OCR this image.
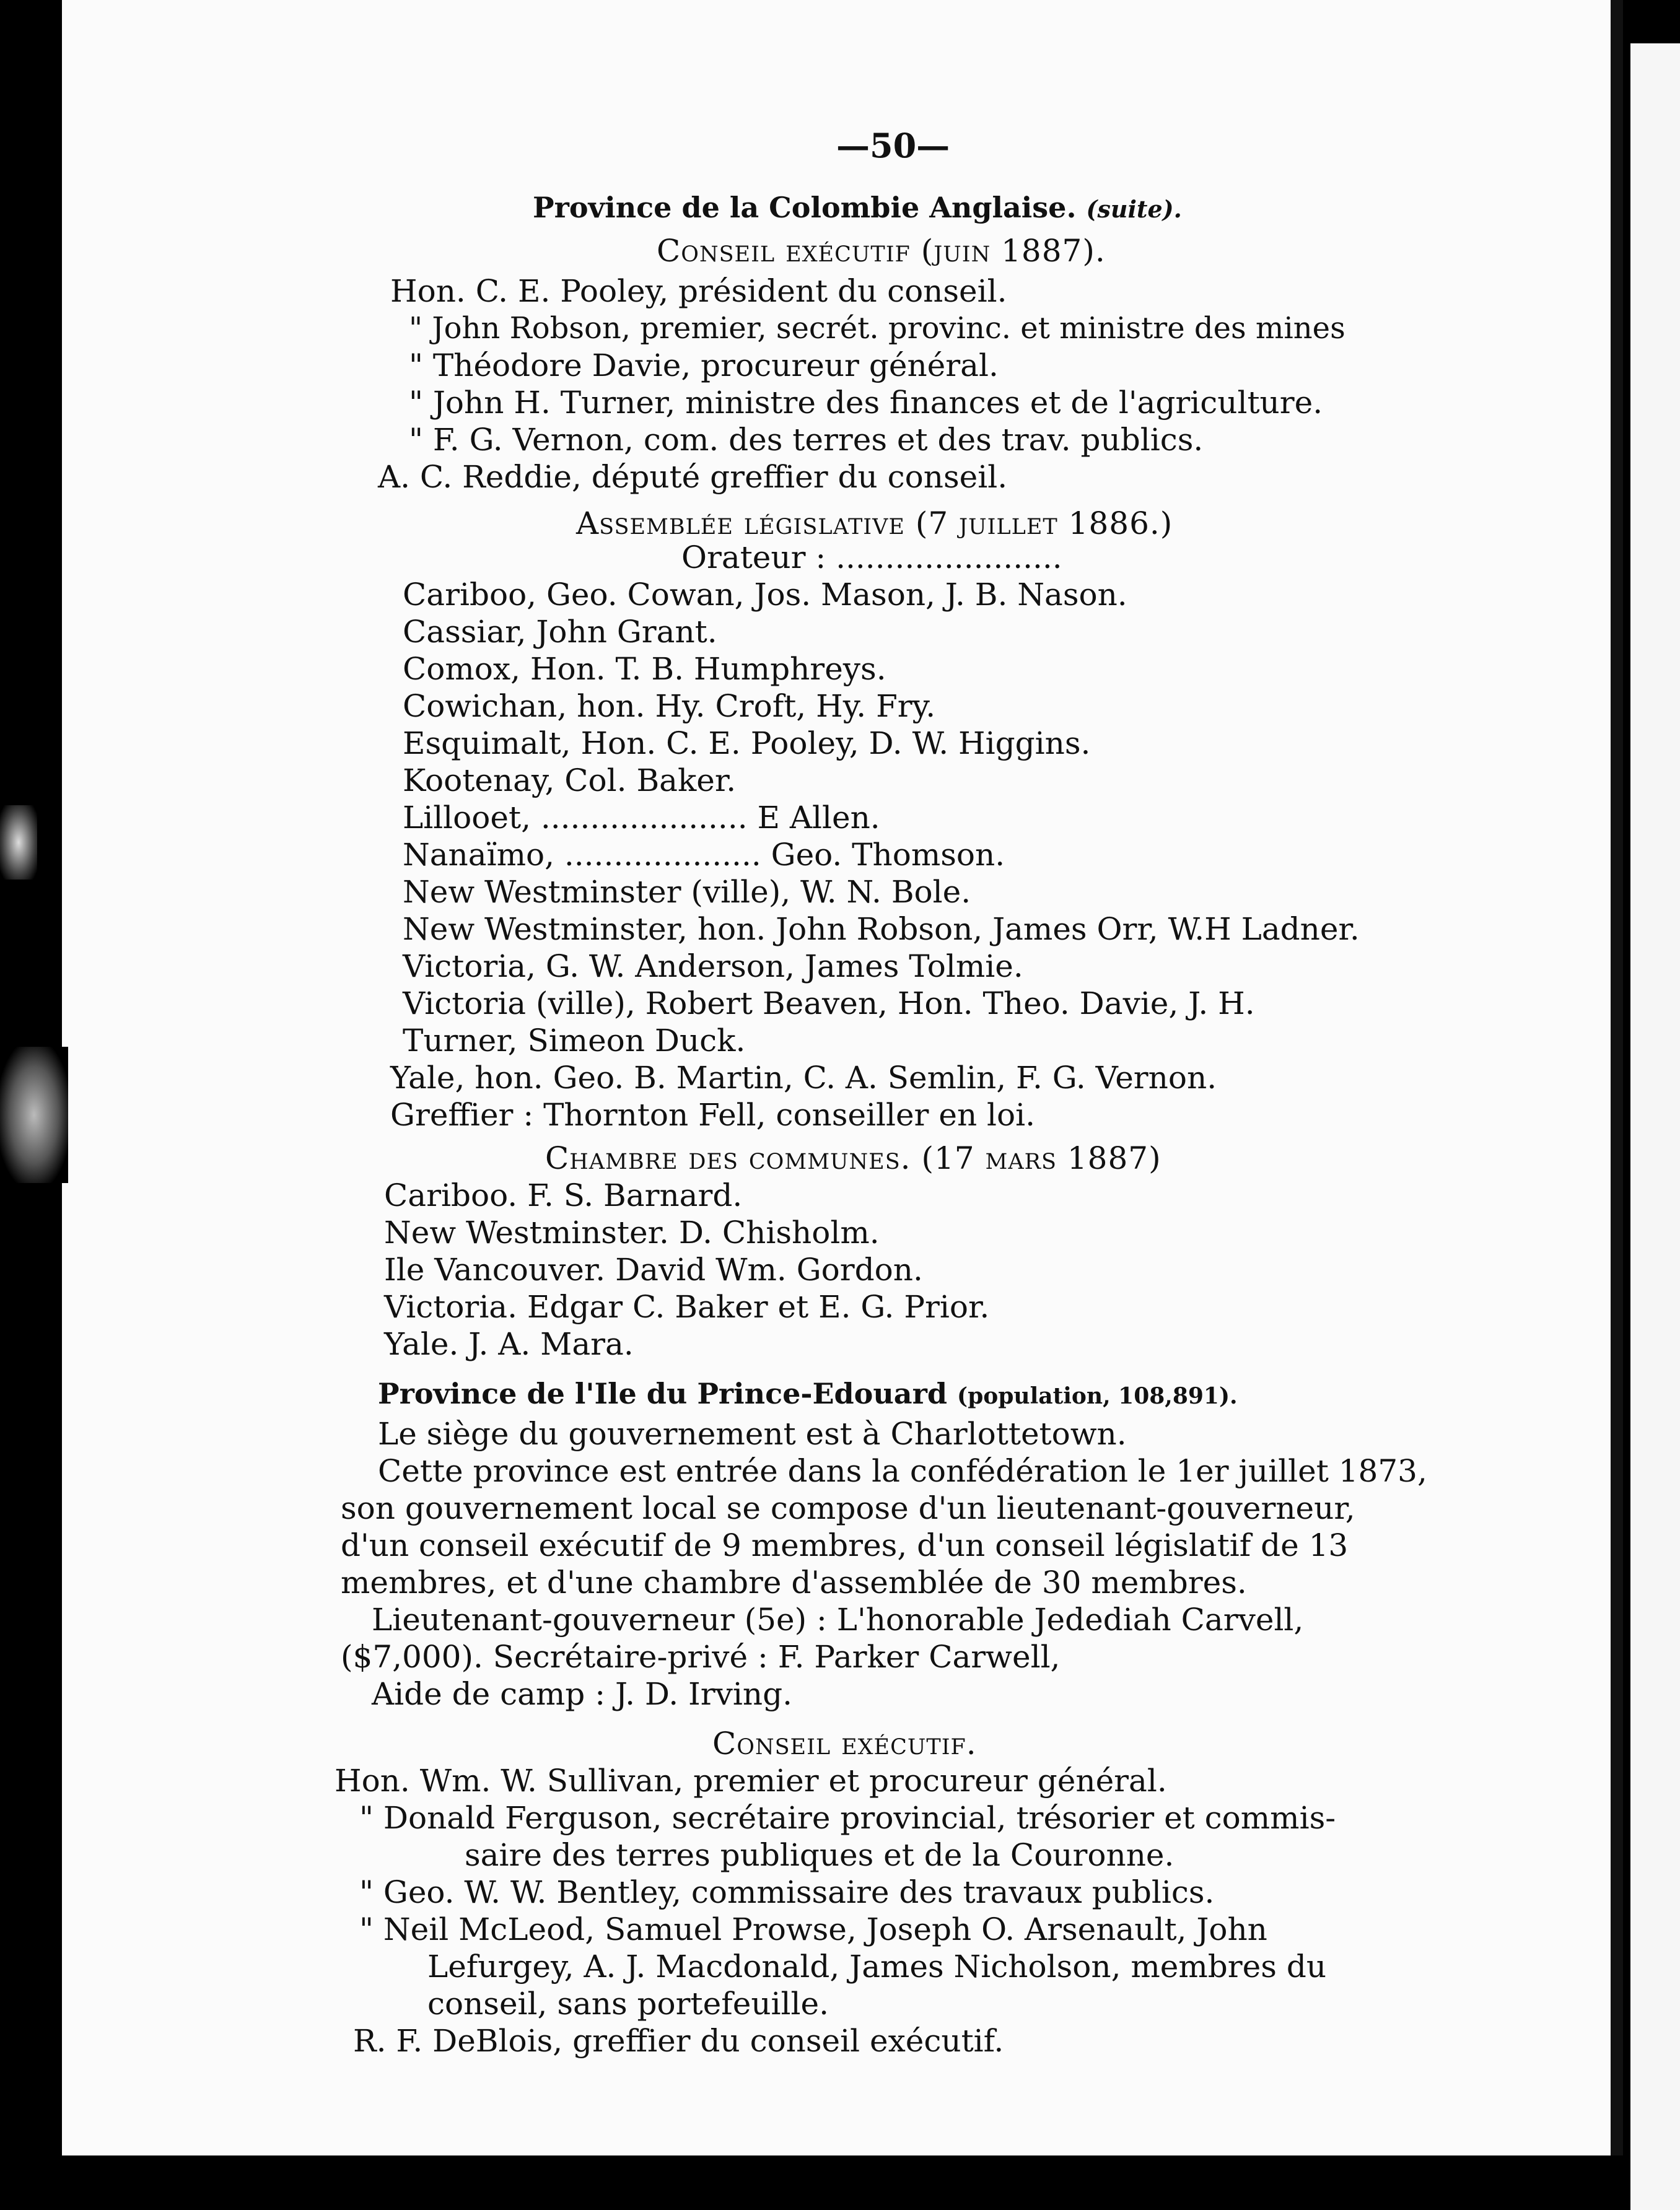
—50—
Province de la Colombie Anglaise. (suite).
Conseil exécutif (juin 1887).
Hon. C. E. Pooley, président du conseil.
" John Robson, premier, secrét. provinc. et ministre des mines
" Théodore Davie, procureur général.
" John H. Turner, ministre des finances et de l'agriculture.
" F. G. Vernon, com. des terres et des trav. publics.
A. C. Reddie, député greffier du conseil.
Assemblée législative (7 juillet 1886.)
Orateur : .......................
Cariboo, Geo. Cowan, Jos. Mason, J. B. Nason.
Cassiar, John Grant.
Comox, Hon. T. B. Humphreys.
Cowichan, hon. Hy. Croft, Hy. Fry.
Esquimalt, Hon. C. E. Pooley, D. W. Higgins.
Kootenay, Col. Baker.
Lillooet, ..................... E Allen.
Nanaïmo, .................... Geo. Thomson.
New Westminster (ville), W. N. Bole.
New Westminster, hon. John Robson, James Orr, W.H Ladner.
Victoria, G. W. Anderson, James Tolmie.
Victoria (ville), Robert Beaven, Hon. Theo. Davie, J. H.
Turner, Simeon Duck.
Yale, hon. Geo. B. Martin, C. A. Semlin, F. G. Vernon.
Greffier : Thornton Fell, conseiller en loi.
Chambre des communes. (17 mars 1887)
Cariboo. F. S. Barnard.
New Westminster. D. Chisholm.
Ile Vancouver. David Wm. Gordon.
Victoria. Edgar C. Baker et E. G. Prior.
Yale. J. A. Mara.
Province de l'Ile du Prince-Edouard (population, 108,891).
Le siège du gouvernement est à Charlottetown.
Cette province est entrée dans la confédération le 1er juillet 1873,
son gouvernement local se compose d'un lieutenant-gouverneur,
d'un conseil exécutif de 9 membres, d'un conseil législatif de 13
membres, et d'une chambre d'assemblée de 30 membres.
Lieutenant-gouverneur (5e) : L'honorable Jedediah Carvell,
($7,000). Secrétaire-privé : F. Parker Carwell,
Aide de camp : J. D. Irving.
Conseil exécutif.
Hon. Wm. W. Sullivan, premier et procureur général.
" Donald Ferguson, secrétaire provincial, trésorier et commis-
saire des terres publiques et de la Couronne.
" Geo. W. W. Bentley, commissaire des travaux publics.
" Neil McLeod, Samuel Prowse, Joseph O. Arsenault, John
Lefurgey, A. J. Macdonald, James Nicholson, membres du
conseil, sans portefeuille.
R. F. DeBlois, greffier du conseil exécutif.
